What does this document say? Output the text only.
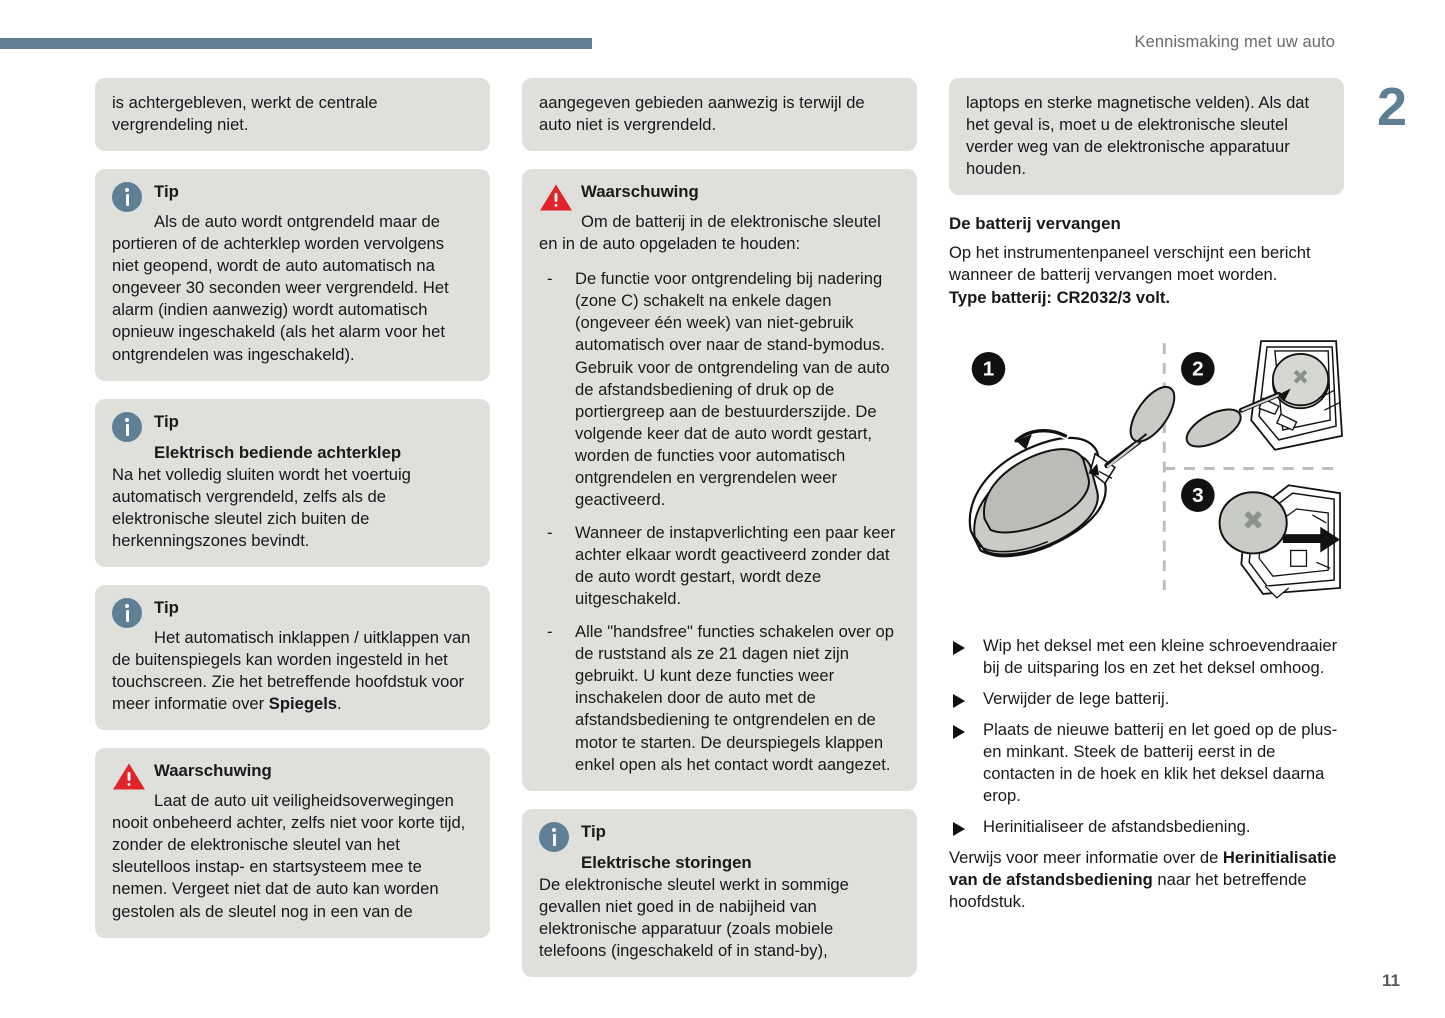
Kennismaking met uw auto
2
11

is achtergebleven, werkt de centrale vergrendeling niet.

Tip

Als de auto wordt ontgrendeld maar de portieren of de achterklep worden vervolgens niet geopend, wordt de auto automatisch na ongeveer 30 seconden weer vergrendeld. Het alarm (indien aanwezig) wordt automatisch opnieuw ingeschakeld (als het alarm voor het ontgrendelen was ingeschakeld).

Tip
Elektrisch bediende achterklep

Na het volledig sluiten wordt het voertuig automatisch vergrendeld, zelfs als de elektronische sleutel zich buiten de herkenningszones bevindt.

Tip

Het automatisch inklappen / uitklappen van de buitenspiegels kan worden ingesteld in het touchscreen. Zie het betreffende hoofdstuk voor meer informatie over Spiegels.

Waarschuwing

Laat de auto uit veiligheidsoverwegingen nooit onbeheerd achter, zelfs niet voor korte tijd, zonder de elektronische sleutel van het sleutelloos instap- en startsysteem mee te nemen. Vergeet niet dat de auto kan worden gestolen als de sleutel nog in een van de

aangegeven gebieden aanwezig is terwijl de auto niet is vergrendeld.

Waarschuwing

Om de batterij in de elektronische sleutel en in de auto opgeladen te houden:

- De functie voor ontgrendeling bij nadering (zone C) schakelt na enkele dagen (ongeveer één week) van niet-gebruik automatisch over naar de stand-bymodus. Gebruik voor de ontgrendeling van de auto de afstandsbediening of druk op de portiergreep aan de bestuurderszijde. De volgende keer dat de auto wordt gestart, worden de functies voor automatisch ontgrendelen en vergrendelen weer geactiveerd.
- Wanneer de instapverlichting een paar keer achter elkaar wordt geactiveerd zonder dat de auto wordt gestart, wordt deze uitgeschakeld.
- Alle "handsfree" functies schakelen over op de ruststand als ze 21 dagen niet zijn gebruikt. U kunt deze functies weer inschakelen door de auto met de afstandsbediening te ontgrendelen en de motor te starten. De deurspiegels klappen enkel open als het contact wordt aangezet.
Tip
Elektrische storingen

De elektronische sleutel werkt in sommige gevallen niet goed in de nabijheid van elektronische apparatuur (zoals mobiele telefoons (ingeschakeld of in stand-by),

laptops en sterke magnetische velden). Als dat het geval is, moet u de elektronische sleutel verder weg van de elektronische apparatuur houden.

De batterij vervangen

Op het instrumentenpaneel verschijnt een bericht wanneer de batterij vervangen moet worden.

Type batterij: CR2032/3 volt.

1	2
3
Wip het deksel met een kleine schroevendraaier bij de uitsparing los en zet het deksel omhoog.
Verwijder de lege batterij.
Plaats de nieuwe batterij en let goed op de plus- en minkant. Steek de batterij eerst in de contacten in de hoek en klik het deksel daarna erop.
Herinitialiseer de afstandsbediening.

Verwijs voor meer informatie over de Herinitialisatie van de afstandsbediening naar het betreffende hoofdstuk.
